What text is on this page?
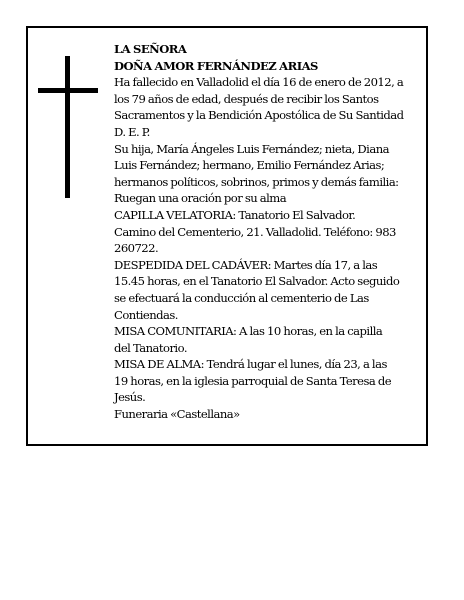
LA SEÑORA
DOÑA AMOR FERNÁNDEZ ARIAS
Ha fallecido en Valladolid el día 16 de enero de 2012, a
los 79 años de edad, después de recibir los Santos
Sacramentos y la Bendición Apostólica de Su Santidad
D. E. P.
Su hija, María Ángeles Luis Fernández; nieta, Diana
Luis Fernández; hermano, Emilio Fernández Arias;
hermanos políticos, sobrinos, primos y demás familia:
Ruegan una oración por su alma
CAPILLA VELATORIA: Tanatorio El Salvador.
Camino del Cementerio, 21. Valladolid. Teléfono: 983
260722.
DESPEDIDA DEL CADÁVER: Martes día 17, a las
15.45 horas, en el Tanatorio El Salvador. Acto seguido
se efectuará la conducción al cementerio de Las
Contiendas.
MISA COMUNITARIA: A las 10 horas, en la capilla
del Tanatorio.
MISA DE ALMA: Tendrá lugar el lunes, día 23, a las
19 horas, en la iglesia parroquial de Santa Teresa de
Jesús.
Funeraria «Castellana»
